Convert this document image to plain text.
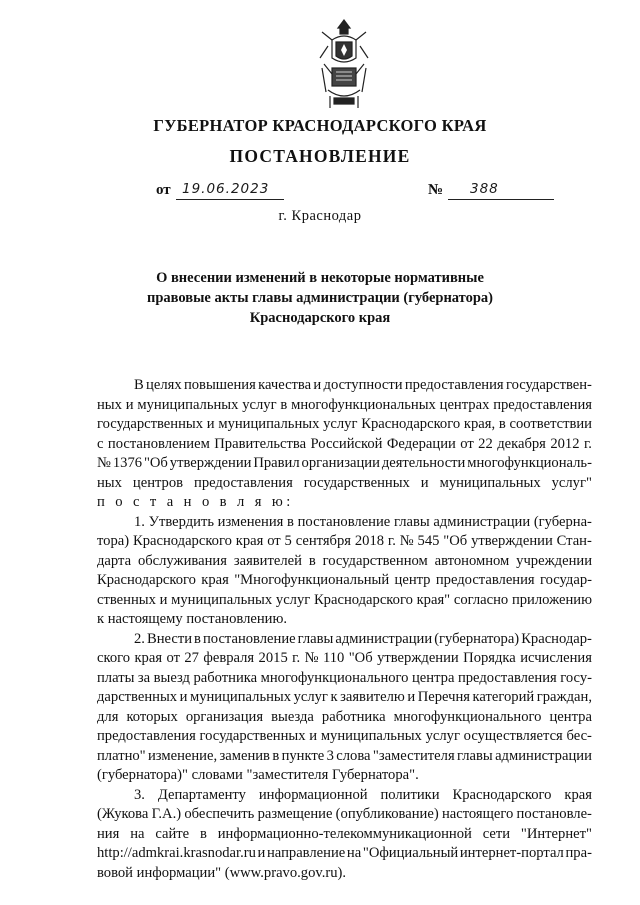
ГУБЕРНАТОР КРАСНОДАРСКОГО КРАЯ
ПОСТАНОВЛЕНИЕ
от 19.06.2023	№ 388
г. Краснодар
О внесении изменений в некоторые нормативные
правовые акты главы администрации (губернатора)
Краснодарского края
В целях повышения качества и доступности предоставления государствен-
ных и муниципальных услуг в многофункциональных центрах предоставления
государственных и муниципальных услуг Краснодарского края, в соответствии
с постановлением Правительства Российской Федерации от 22 декабря 2012 г.
№ 1376 "Об утверждении Правил организации деятельности многофункциональ-
ных центров предоставления государственных и муниципальных услуг"
п о с т а н о в л я ю:
1. Утвердить изменения в постановление главы администрации (губерна-
тора) Краснодарского края от 5 сентября 2018 г. № 545 "Об утверждении Стан-
дарта обслуживания заявителей в государственном автономном учреждении
Краснодарского края "Многофункциональный центр предоставления государ-
ственных и муниципальных услуг Краснодарского края" согласно приложению
к настоящему постановлению.
2. Внести в постановление главы администрации (губернатора) Краснодар-
ского края от 27 февраля 2015 г. № 110 "Об утверждении Порядка исчисления
платы за выезд работника многофункционального центра предоставления госу-
дарственных и муниципальных услуг к заявителю и Перечня категорий граждан,
для которых организация выезда работника многофункционального центра
предоставления государственных и муниципальных услуг осуществляется бес-
платно" изменение, заменив в пункте 3 слова "заместителя главы администрации
(губернатора)" словами "заместителя Губернатора".
3. Департаменту информационной политики Краснодарского края
(Жукова Г.А.) обеспечить размещение (опубликование) настоящего постановле-
ния на сайте в информационно-телекоммуникационной сети "Интернет"
http://admkrai.krasnodar.ru и направление на "Официальный интернет-портал пра-
вовой информации" (www.pravo.gov.ru).
